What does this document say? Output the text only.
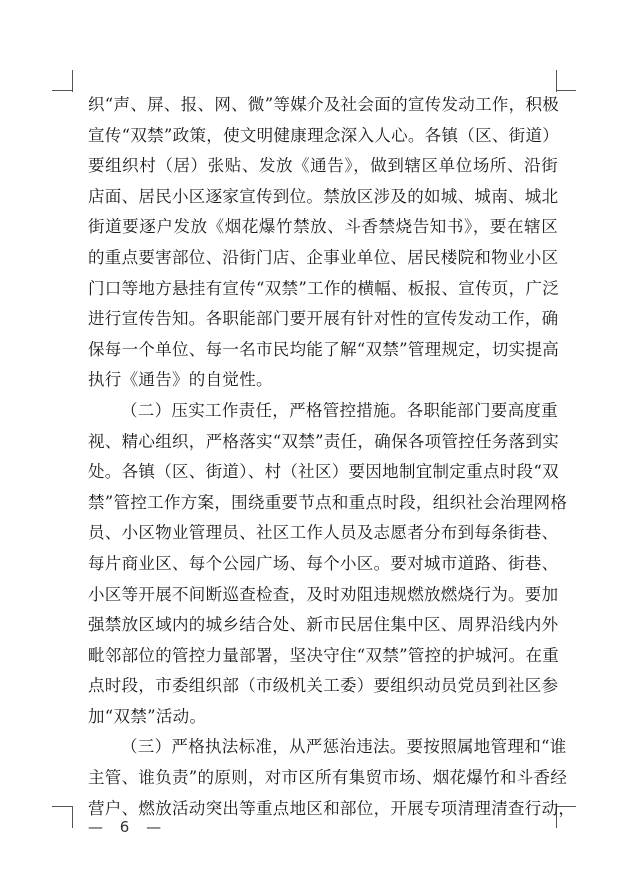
织“声、屏、报、网、微”等媒介及社会面的宣传发动工作，积极
宣传“双禁”政策，使文明健康理念深入人心。各镇（区、街道）
要组织村（居）张贴、发放《通告》，做到辖区单位场所、沿街
店面、居民小区逐家宣传到位。禁放区涉及的如城、城南、城北
街道要逐户发放《烟花爆竹禁放、斗香禁烧告知书》，要在辖区
的重点要害部位、沿街门店、企事业单位、居民楼院和物业小区
门口等地方悬挂有宣传“双禁”工作的横幅、板报、宣传页，广泛
进行宣传告知。各职能部门要开展有针对性的宣传发动工作，确
保每一个单位、每一名市民均能了解“双禁”管理规定，切实提高
执行《通告》的自觉性。
（二）压实工作责任，严格管控措施。各职能部门要高度重
视、精心组织，严格落实“双禁”责任，确保各项管控任务落到实
处。各镇（区、街道）、村（社区）要因地制宜制定重点时段“双
禁”管控工作方案，围绕重要节点和重点时段，组织社会治理网格
员、小区物业管理员、社区工作人员及志愿者分布到每条街巷、
每片商业区、每个公园广场、每个小区。要对城市道路、街巷、
小区等开展不间断巡查检查，及时劝阻违规燃放燃烧行为。要加
强禁放区域内的城乡结合处、新市民居住集中区、周界沿线内外
毗邻部位的管控力量部署，坚决守住“双禁”管控的护城河。在重
点时段，市委组织部（市级机关工委）要组织动员党员到社区参
加“双禁”活动。
（三）严格执法标准，从严惩治违法。要按照属地管理和“谁
主管、谁负责”的原则，对市区所有集贸市场、烟花爆竹和斗香经
营户、燃放活动突出等重点地区和部位，开展专项清理清查行动，
— 6 —
